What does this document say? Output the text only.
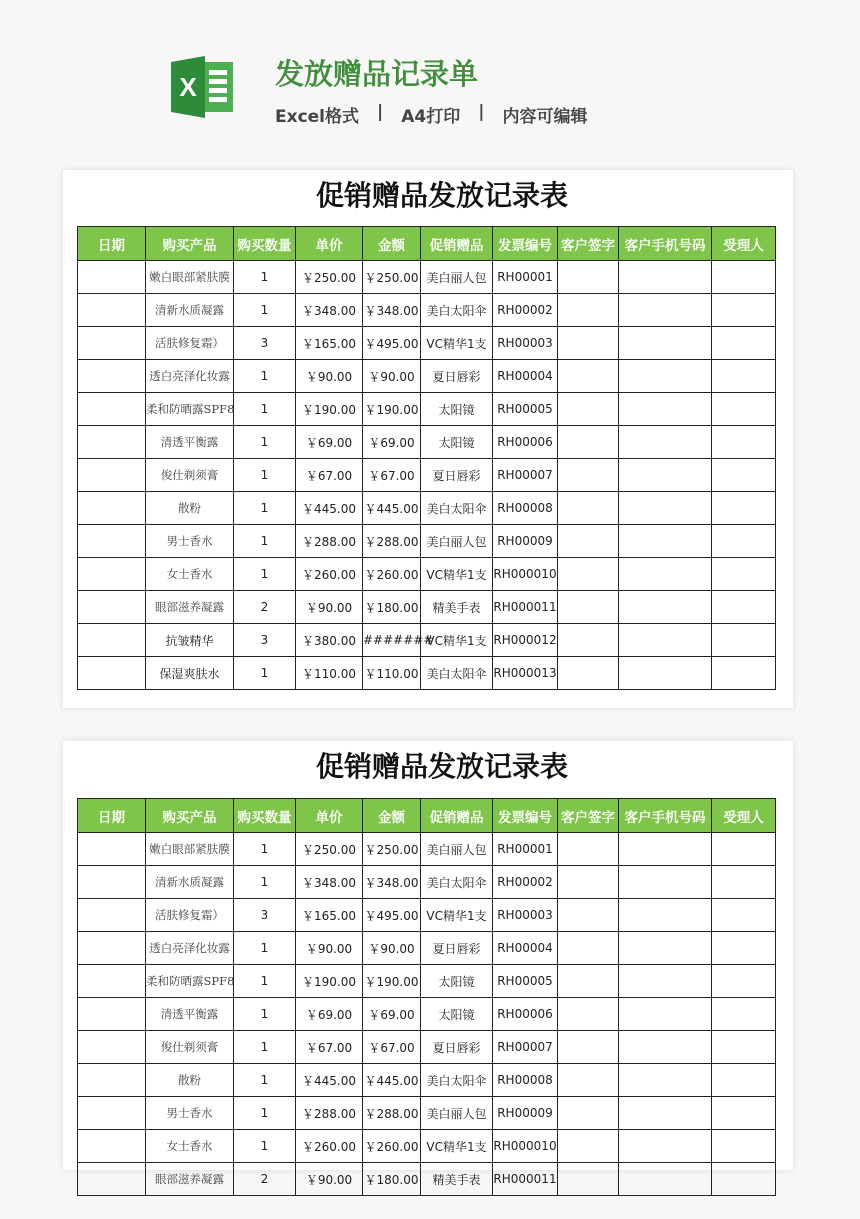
X	发放赠品记录单
Excel格式 | A4打印 | 内容可编辑
促销赠品发放记录表
日期	购买产品	购买数量	单价	金额	促销赠品	发票编号	客户签字	客户手机号码	受理人
	嫩白眼部紧肤膜	1	￥250.00	￥250.00	美白丽人包	RH00001			
	清新水质凝露	1	￥348.00	￥348.00	美白太阳伞	RH00002			
	活肤修复霜）	3	￥165.00	￥495.00	VC精华1支	RH00003			
	透白亮泽化妆露	1	￥90.00	￥90.00	夏日唇彩	RH00004			
	柔和防晒露SPF8	1	￥190.00	￥190.00	太阳镜	RH00005			
	清透平衡露	1	￥69.00	￥69.00	太阳镜	RH00006			
	俊仕剃须膏	1	￥67.00	￥67.00	夏日唇彩	RH00007			
	散粉	1	￥445.00	￥445.00	美白太阳伞	RH00008			
	男士香水	1	￥288.00	￥288.00	美白丽人包	RH00009			
	女士香水	1	￥260.00	￥260.00	VC精华1支	RH000010			
	眼部滋养凝露	2	￥90.00	￥180.00	精美手表	RH000011			
	抗皱精华	3	￥380.00	#######	VC精华1支	RH000012			
	保湿爽肤水	1	￥110.00	￥110.00	美白太阳伞	RH000013			
促销赠品发放记录表
日期	购买产品	购买数量	单价	金额	促销赠品	发票编号	客户签字	客户手机号码	受理人
	嫩白眼部紧肤膜	1	￥250.00	￥250.00	美白丽人包	RH00001			
	清新水质凝露	1	￥348.00	￥348.00	美白太阳伞	RH00002			
	活肤修复霜）	3	￥165.00	￥495.00	VC精华1支	RH00003			
	透白亮泽化妆露	1	￥90.00	￥90.00	夏日唇彩	RH00004			
	柔和防晒露SPF8	1	￥190.00	￥190.00	太阳镜	RH00005			
	清透平衡露	1	￥69.00	￥69.00	太阳镜	RH00006			
	俊仕剃须膏	1	￥67.00	￥67.00	夏日唇彩	RH00007			
	散粉	1	￥445.00	￥445.00	美白太阳伞	RH00008			
	男士香水	1	￥288.00	￥288.00	美白丽人包	RH00009			
	女士香水	1	￥260.00	￥260.00	VC精华1支	RH000010			
	眼部滋养凝露	2	￥90.00	￥180.00	精美手表	RH000011			
